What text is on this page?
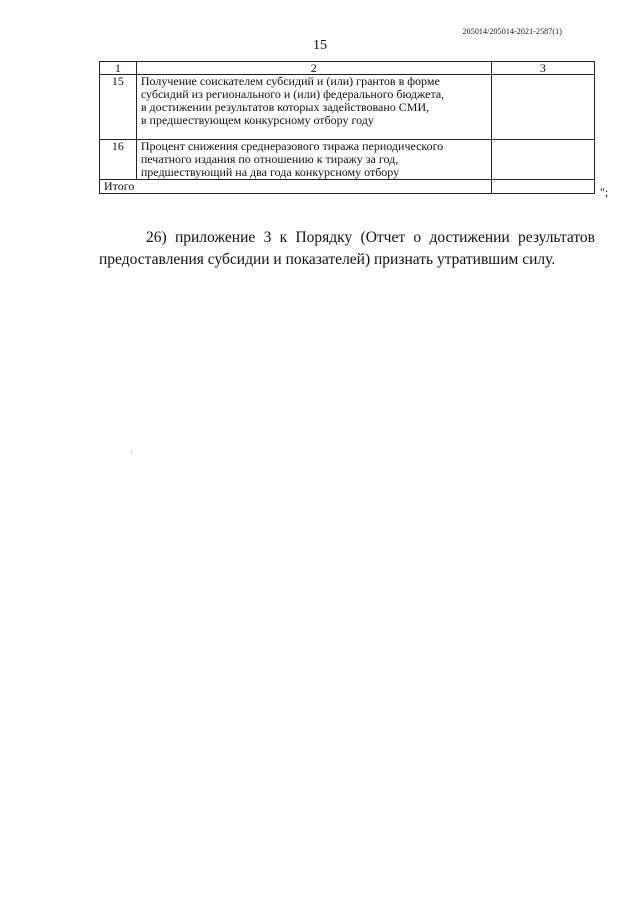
205014/205014-2021-2587(1)
15
1	2	3
15	Получение соискателем субсидий и (или) грантов в форме
субсидий из регионального и (или) федерального бюджета,
в достижении результатов которых задействовано СМИ,
в предшествующем конкурсному отбору году	

16	Процент снижения среднеразового тиража периодического
печатного издания по отношению к тиражу за год,
предшествующий на два года конкурсному отбору	

Итого			";

26) приложение 3 к Порядку (Отчет о достижении результатов предоставления субсидии и показателей) признать утратившим силу.
